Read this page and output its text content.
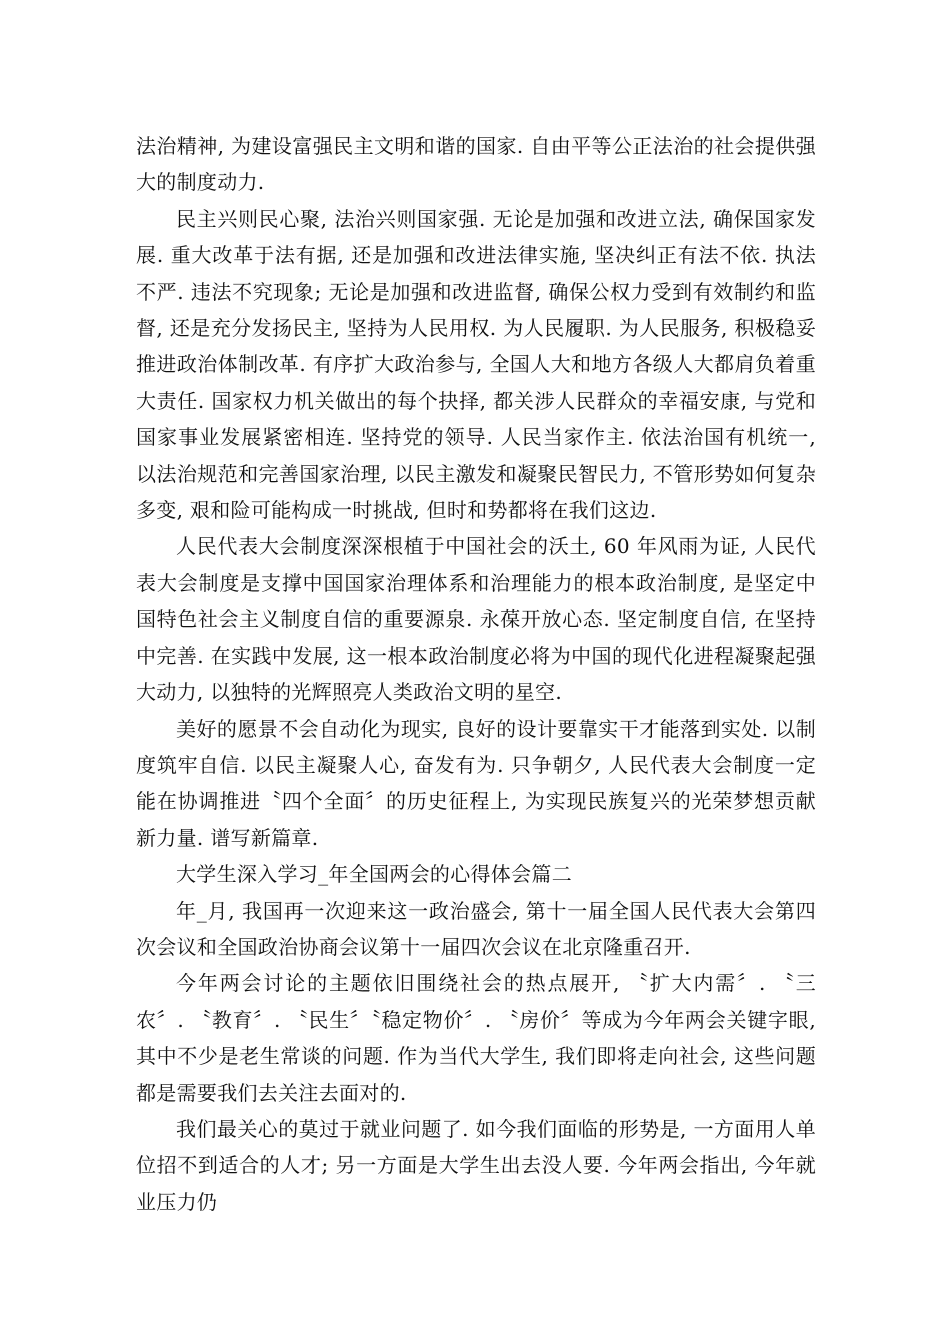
法治精神, 为建设富强民主文明和谐的国家. 自由平等公正法治的社会提供强大的制度动力.

民主兴则民心聚, 法治兴则国家强. 无论是加强和改进立法, 确保国家发展. 重大改革于法有据, 还是加强和改进法律实施, 坚决纠正有法不依. 执法不严. 违法不究现象; 无论是加强和改进监督, 确保公权力受到有效制约和监督, 还是充分发扬民主, 坚持为人民用权. 为人民履职. 为人民服务, 积极稳妥推进政治体制改革. 有序扩大政治参与, 全国人大和地方各级人大都肩负着重大责任. 国家权力机关做出的每个抉择, 都关涉人民群众的幸福安康, 与党和国家事业发展紧密相连. 坚持党的领导. 人民当家作主. 依法治国有机统一, 以法治规范和完善国家治理, 以民主激发和凝聚民智民力, 不管形势如何复杂多变, 艰和险可能构成一时挑战, 但时和势都将在我们这边.

人民代表大会制度深深根植于中国社会的沃土, 60 年风雨为证, 人民代表大会制度是支撑中国国家治理体系和治理能力的根本政治制度, 是坚定中国特色社会主义制度自信的重要源泉. 永葆开放心态. 坚定制度自信, 在坚持中完善. 在实践中发展, 这一根本政治制度必将为中国的现代化进程凝聚起强大动力, 以独特的光辉照亮人类政治文明的星空.

美好的愿景不会自动化为现实, 良好的设计要靠实干才能落到实处. 以制度筑牢自信. 以民主凝聚人心, 奋发有为. 只争朝夕, 人民代表大会制度一定能在协调推进〝四个全面〞的历史征程上, 为实现民族复兴的光荣梦想贡献新力量. 谱写新篇章.

大学生深入学习_年全国两会的心得体会篇二

年_月, 我国再一次迎来这一政治盛会, 第十一届全国人民代表大会第四次会议和全国政治协商会议第十一届四次会议在北京隆重召开.

今年两会讨论的主题依旧围绕社会的热点展开, 〝扩大内需〞. 〝三农〞. 〝教育〞. 〝民生〞〝稳定物价〞. 〝房价〞等成为今年两会关键字眼, 其中不少是老生常谈的问题. 作为当代大学生, 我们即将走向社会, 这些问题都是需要我们去关注去面对的.

我们最关心的莫过于就业问题了. 如今我们面临的形势是, 一方面用人单位招不到适合的人才; 另一方面是大学生出去没人要. 今年两会指出, 今年就业压力仍
